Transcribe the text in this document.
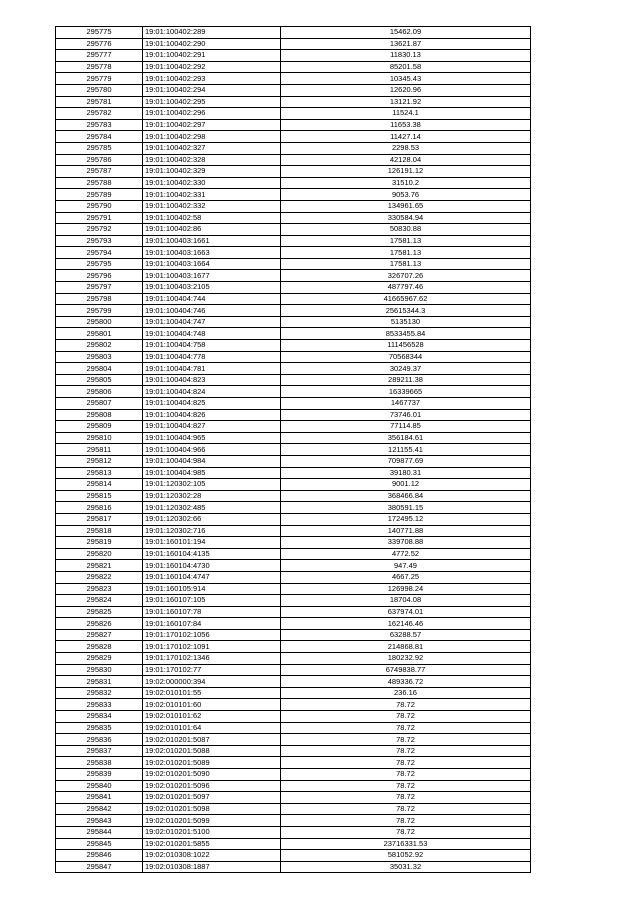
295775	19:01:100402:289	15462.09
295776	19:01:100402:290	13621.87
295777	19:01:100402:291	11830.13
295778	19:01:100402:292	85201.58
295779	19:01:100402:293	10345.43
295780	19:01:100402:294	12620.96
295781	19:01:100402:295	13121.92
295782	19:01:100402:296	11524.1
295783	19:01:100402:297	11653.38
295784	19:01:100402:298	11427.14
295785	19:01:100402:327	2298.53
295786	19:01:100402:328	42128.04
295787	19:01:100402:329	126191.12
295788	19:01:100402:330	31510.2
295789	19:01:100402:331	9053.76
295790	19:01:100402:332	134961.65
295791	19:01:100402:58	330584.94
295792	19:01:100402:86	50830.88
295793	19:01:100403:1661	17581.13
295794	19:01:100403:1663	17581.13
295795	19:01:100403:1664	17581.13
295796	19:01:100403:1677	326707.26
295797	19:01:100403:2105	487797.46
295798	19:01:100404:744	41665967.62
295799	19:01:100404:746	25615344.3
295800	19:01:100404:747	5135130
295801	19:01:100404:748	8533455.84
295802	19:01:100404:758	111456528
295803	19:01:100404:778	70568344
295804	19:01:100404:781	30249.37
295805	19:01:100404:823	289211.38
295806	19:01:100404:824	16339665
295807	19:01:100404:825	1467737
295808	19:01:100404:826	73746.01
295809	19:01:100404:827	77114.85
295810	19:01:100404:965	356184.61
295811	19:01:100404:966	121155.41
295812	19:01:100404:984	709877.69
295813	19:01:100404:985	39180.31
295814	19:01:120302:105	9001.12
295815	19:01:120302:28	368466.84
295816	19:01:120302:485	380591.15
295817	19:01:120302:66	172495.12
295818	19:01:120302:716	140771.88
295819	19:01:160101:194	339708.88
295820	19:01:160104:4135	4772.52
295821	19:01:160104:4730	947.49
295822	19:01:160104:4747	4667.25
295823	19:01:160105:914	126998.24
295824	19:01:160107:105	18704.08
295825	19:01:160107:78	637974.01
295826	19:01:160107:84	162146.46
295827	19:01:170102:1056	63288.57
295828	19:01:170102:1091	214868.81
295829	19:01:170102:1346	180232.92
295830	19:01:170102:77	6749838.77
295831	19:02:000000:394	489336.72
295832	19:02:010101:55	236.16
295833	19:02:010101:60	78.72
295834	19:02:010101:62	78.72
295835	19:02:010101:64	78.72
295836	19:02:010201:5087	78.72
295837	19:02:010201:5088	78.72
295838	19:02:010201:5089	78.72
295839	19:02:010201:5090	78.72
295840	19:02:010201:5096	78.72
295841	19:02:010201:5097	78.72
295842	19:02:010201:5098	78.72
295843	19:02:010201:5099	78.72
295844	19:02:010201:5100	78.72
295845	19:02:010201:5855	23716331.53
295846	19:02:010308:1022	581052.92
295847	19:02:010308:1887	35031.32
